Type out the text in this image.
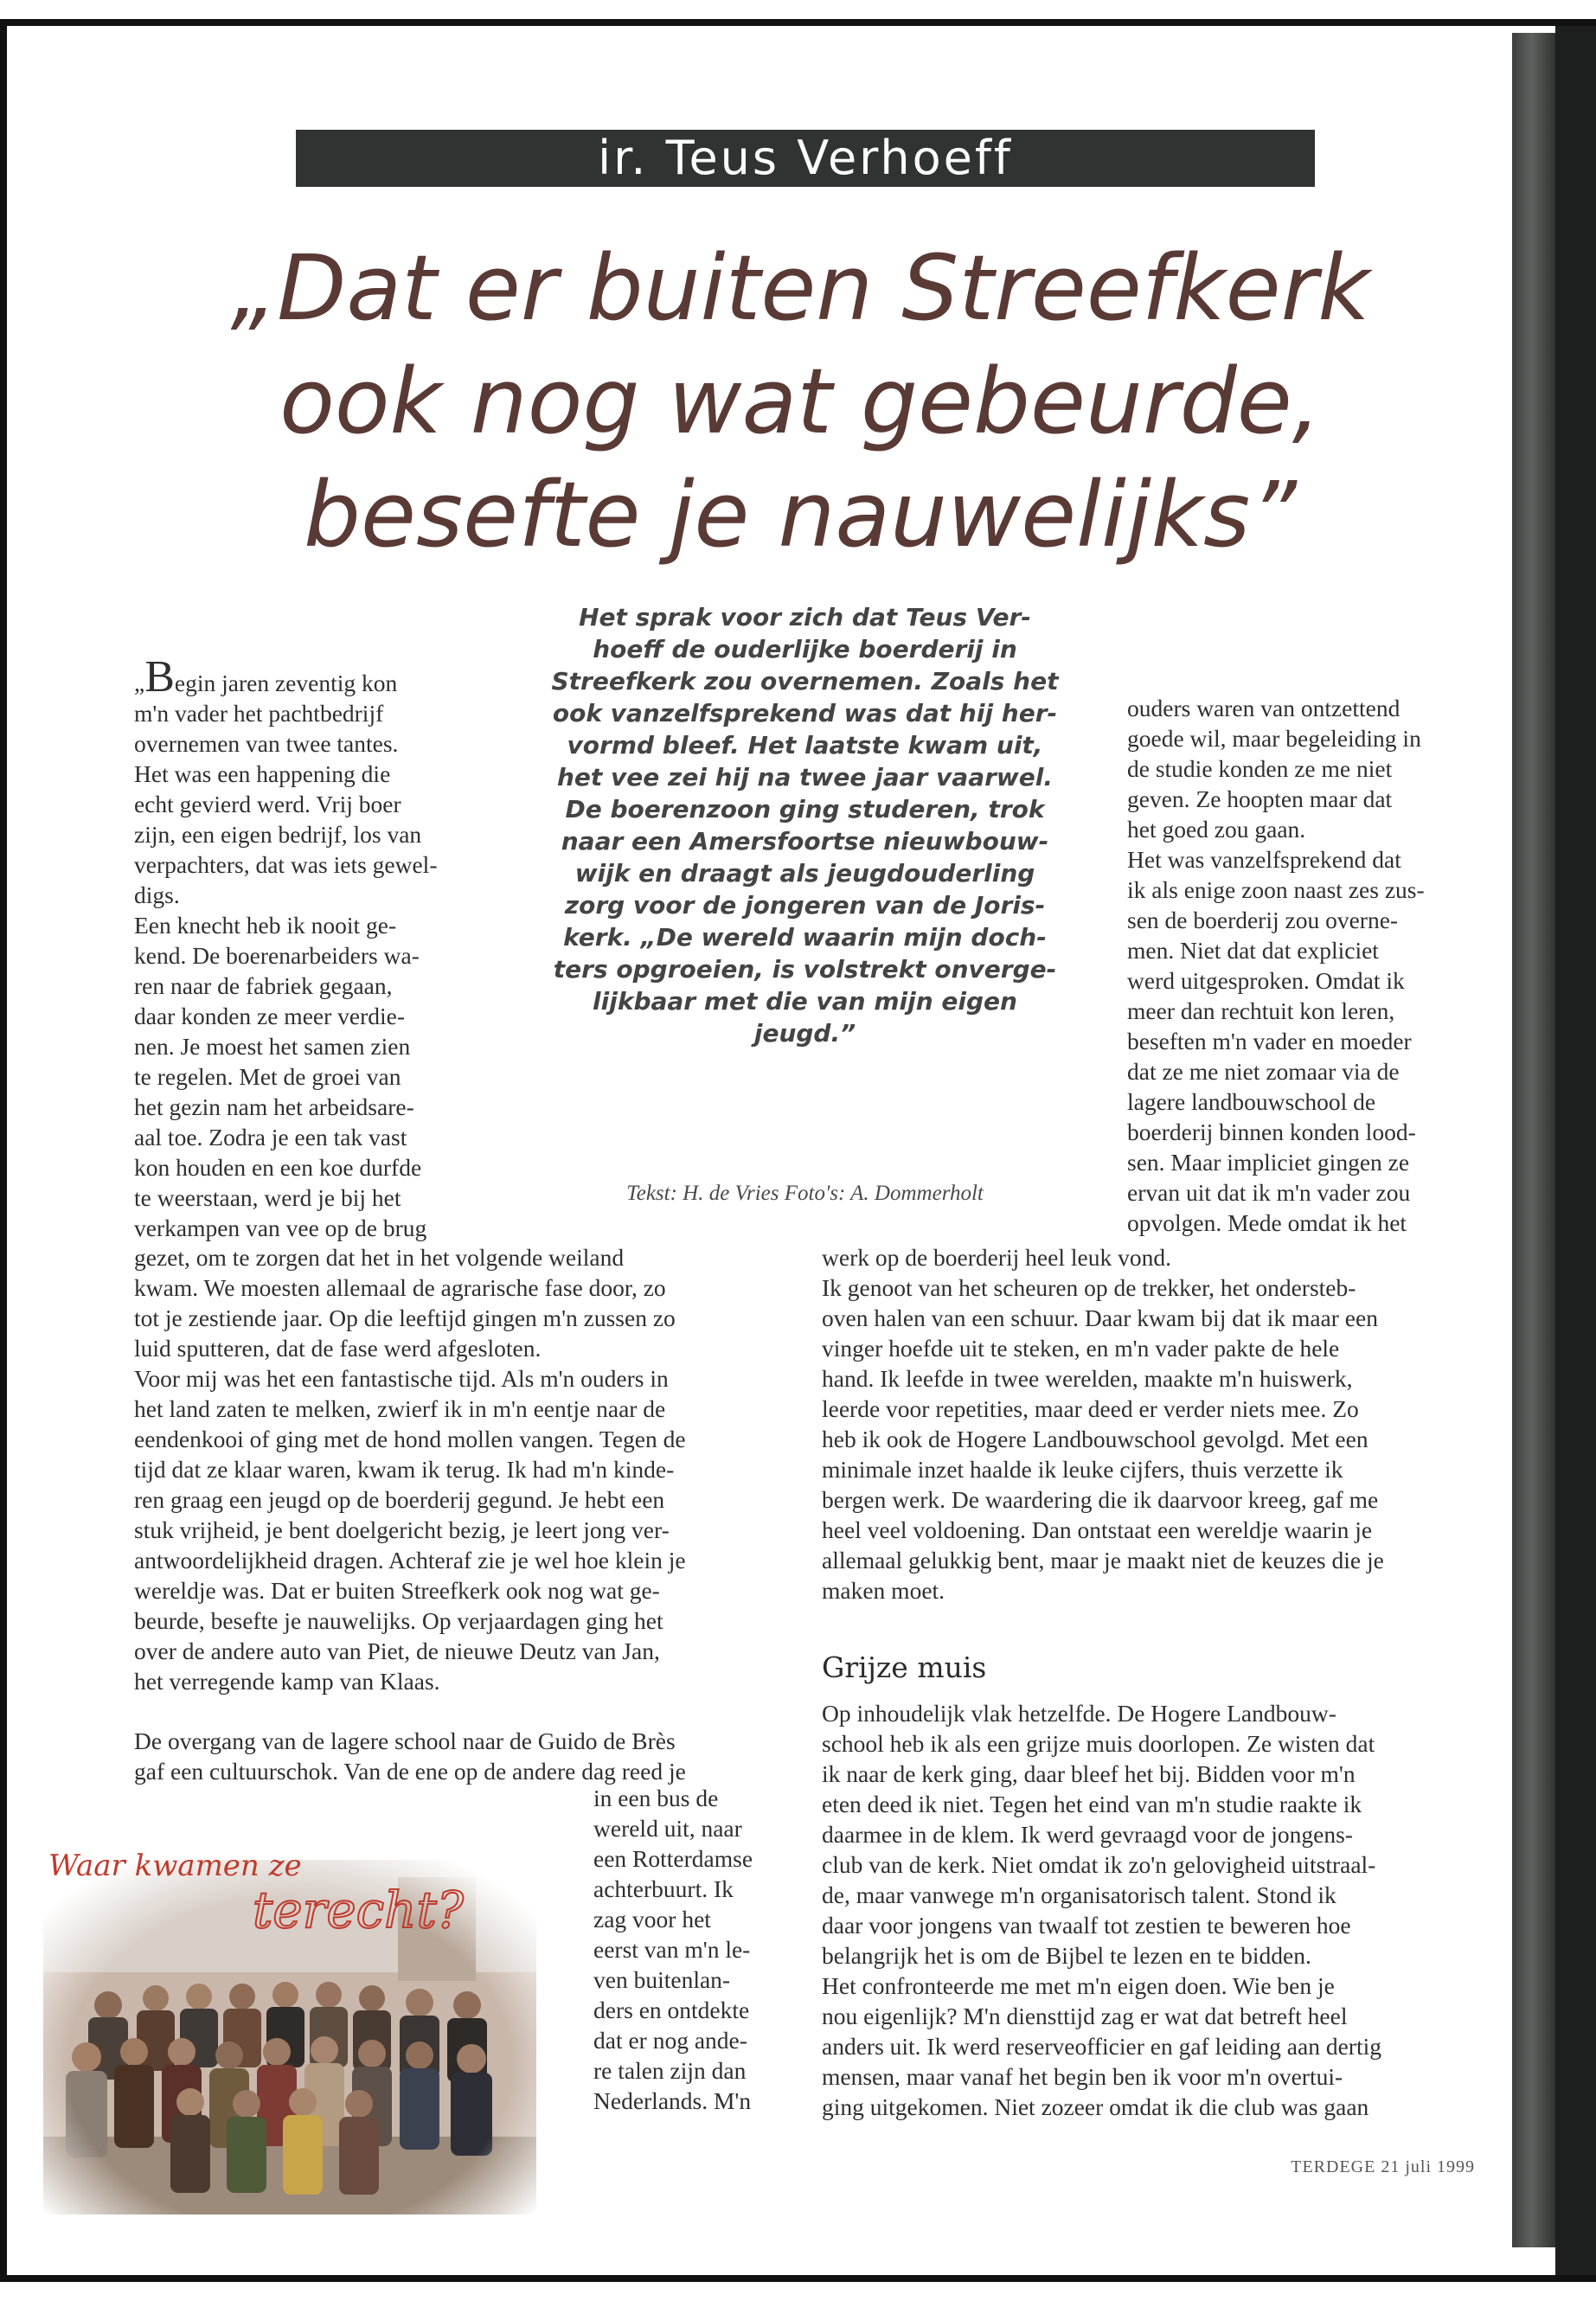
ir. Teus Verhoeff
„Dat er buiten Streefkerk
ook nog wat gebeurde,
besefte je nauwelijks”
Het sprak voor zich dat Teus Ver-
hoeff de ouderlijke boerderij in
Streefkerk zou overnemen. Zoals het
ook vanzelfsprekend was dat hij her-
vormd bleef. Het laatste kwam uit,
het vee zei hij na twee jaar vaarwel.
De boerenzoon ging studeren, trok
naar een Amersfoortse nieuwbouw-
wijk en draagt als jeugdouderling
zorg voor de jongeren van de Joris-
kerk. „De wereld waarin mijn doch-
ters opgroeien, is volstrekt onverge-
lijkbaar met die van mijn eigen
jeugd.”
Tekst: H. de Vries Foto's: A. Dommerholt

„Begin jaren zeventig kon

m'n vader het pachtbedrijf

overnemen van twee tantes.

Het was een happening die

echt gevierd werd. Vrij boer

zijn, een eigen bedrijf, los van

verpachters, dat was iets gewel-

digs.

Een knecht heb ik nooit ge-

kend. De boerenarbeiders wa-

ren naar de fabriek gegaan,

daar konden ze meer verdie-

nen. Je moest het samen zien

te regelen. Met de groei van

het gezin nam het arbeidsare-

aal toe. Zodra je een tak vast

kon houden en een koe durfde

te weerstaan, werd je bij het

verkampen van vee op de brug

ouders waren van ontzettend

goede wil, maar begeleiding in

de studie konden ze me niet

geven. Ze hoopten maar dat

het goed zou gaan.

Het was vanzelfsprekend dat

ik als enige zoon naast zes zus-

sen de boerderij zou overne-

men. Niet dat dat expliciet

werd uitgesproken. Omdat ik

meer dan rechtuit kon leren,

beseften m'n vader en moeder

dat ze me niet zomaar via de

lagere landbouwschool de

boerderij binnen konden lood-

sen. Maar impliciet gingen ze

ervan uit dat ik m'n vader zou

opvolgen. Mede omdat ik het

gezet, om te zorgen dat het in het volgende weiland

kwam. We moesten allemaal de agrarische fase door, zo

tot je zestiende jaar. Op die leeftijd gingen m'n zussen zo

luid sputteren, dat de fase werd afgesloten.

Voor mij was het een fantastische tijd. Als m'n ouders in

het land zaten te melken, zwierf ik in m'n eentje naar de

eendenkooi of ging met de hond mollen vangen. Tegen de

tijd dat ze klaar waren, kwam ik terug. Ik had m'n kinde-

ren graag een jeugd op de boerderij gegund. Je hebt een

stuk vrijheid, je bent doelgericht bezig, je leert jong ver-

antwoordelijkheid dragen. Achteraf zie je wel hoe klein je

wereldje was. Dat er buiten Streefkerk ook nog wat ge-

beurde, besefte je nauwelijks. Op verjaardagen ging het

over de andere auto van Piet, de nieuwe Deutz van Jan,

het verregende kamp van Klaas.

werk op de boerderij heel leuk vond.

Ik genoot van het scheuren op de trekker, het ondersteb-

oven halen van een schuur. Daar kwam bij dat ik maar een

vinger hoefde uit te steken, en m'n vader pakte de hele

hand. Ik leefde in twee werelden, maakte m'n huiswerk,

leerde voor repetities, maar deed er verder niets mee. Zo

heb ik ook de Hogere Landbouwschool gevolgd. Met een

minimale inzet haalde ik leuke cijfers, thuis verzette ik

bergen werk. De waardering die ik daarvoor kreeg, gaf me

heel veel voldoening. Dan ontstaat een wereldje waarin je

allemaal gelukkig bent, maar je maakt niet de keuzes die je

maken moet.

Grijze muis

Op inhoudelijk vlak hetzelfde. De Hogere Landbouw-

school heb ik als een grijze muis doorlopen. Ze wisten dat

ik naar de kerk ging, daar bleef het bij. Bidden voor m'n

eten deed ik niet. Tegen het eind van m'n studie raakte ik

daarmee in de klem. Ik werd gevraagd voor de jongens-

club van de kerk. Niet omdat ik zo'n gelovigheid uitstraal-

de, maar vanwege m'n organisatorisch talent. Stond ik

daar voor jongens van twaalf tot zestien te beweren hoe

belangrijk het is om de Bijbel te lezen en te bidden.

Het confronteerde me met m'n eigen doen. Wie ben je

nou eigenlijk? M'n diensttijd zag er wat dat betreft heel

anders uit. Ik werd reserveofficier en gaf leiding aan dertig

mensen, maar vanaf het begin ben ik voor m'n overtui-

ging uitgekomen. Niet zozeer omdat ik die club was gaan

De overgang van de lagere school naar de Guido de Brès

gaf een cultuurschok. Van de ene op de andere dag reed je

in een bus de

wereld uit, naar

een Rotterdamse

achterbuurt. Ik

zag voor het

eerst van m'n le-

ven buitenlan-

ders en ontdekte

dat er nog ande-

re talen zijn dan

Nederlands. M'n

Waar kwamen ze
terecht?
TERDEGE 21 juli 1999
